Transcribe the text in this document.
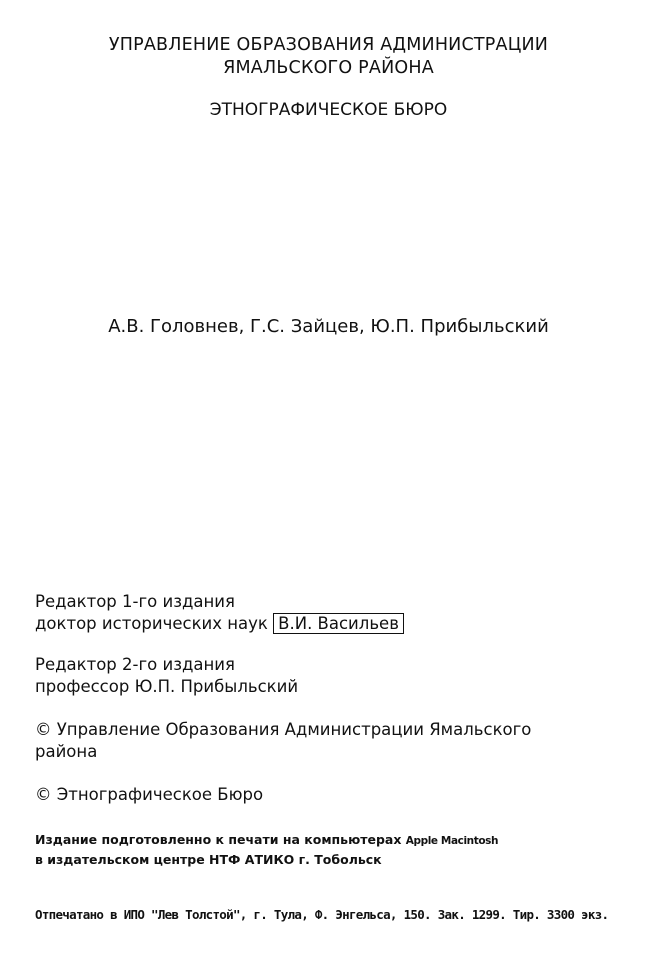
УПРАВЛЕНИЕ ОБРАЗОВАНИЯ АДМИНИСТРАЦИИ
ЯМАЛЬСКОГО РАЙОНА
ЭТНОГРАФИЧЕСКОЕ БЮРО
А.В. Головнев, Г.С. Зайцев, Ю.П. Прибыльский
Редактор 1-го издания
доктор исторических наук В.И. Васильев
Редактор 2-го издания
профессор Ю.П. Прибыльский
© Управление Образования Администрации Ямальского
района
© Этнографическое Бюро
Издание подготовленно к печати на компьютерах Apple Macintosh
в издательском центре НТФ АТИКО г. Тобольск
Отпечатано в ИПО "Лев Толстой", г. Тула, Ф. Энгельса, 150. Зак. 1299. Тир. 3300 экз.
